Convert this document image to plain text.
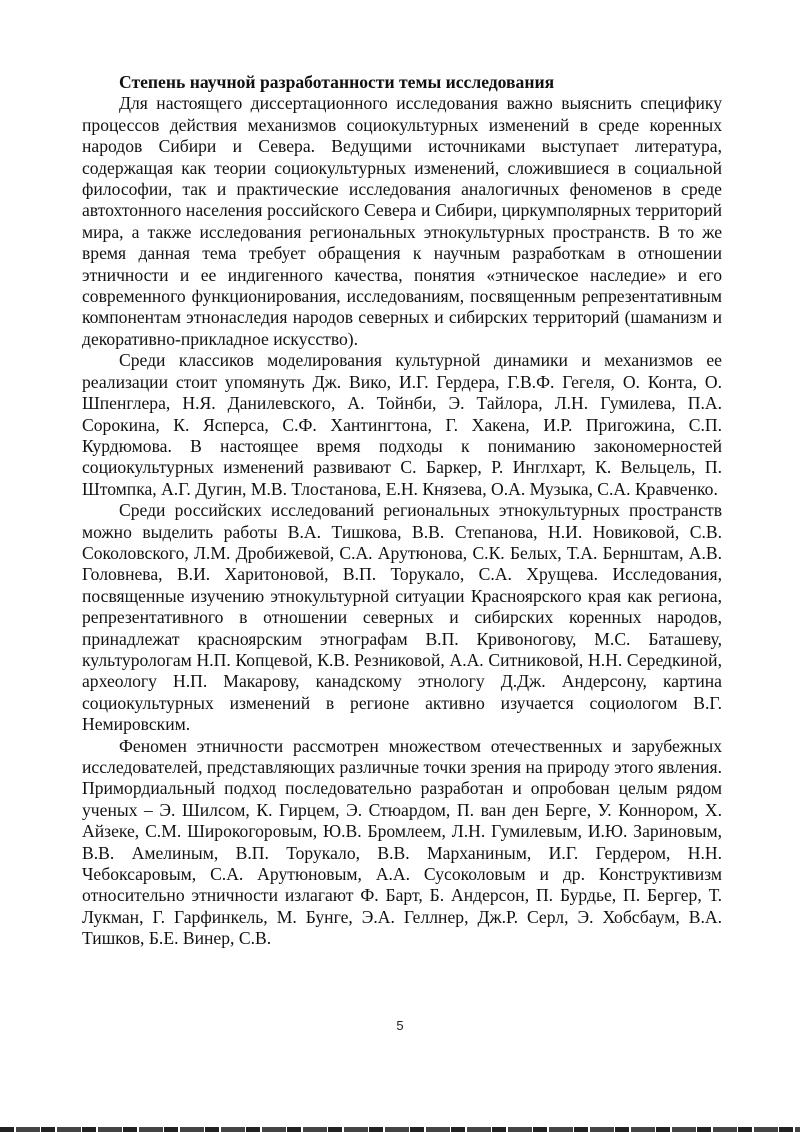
Степень научной разработанности темы исследования

Для настоящего диссертационного исследования важно выяснить специфику процессов действия механизмов социокультурных изменений в среде коренных народов Сибири и Севера. Ведущими источниками выступает литература, содержащая как теории социокультурных изменений, сложившиеся в социальной философии, так и практические исследования аналогичных феноменов в среде автохтонного населения российского Севера и Сибири, циркумполярных территорий мира, а также исследования региональных этнокультурных пространств. В то же время данная тема требует обращения к научным разработкам в отношении этничности и ее индигенного качества, понятия «этническое наследие» и его современного функционирования, исследованиям, посвященным репрезентативным компонентам этнонаследия народов северных и сибирских территорий (шаманизм и декоративно-прикладное искусство).

Среди классиков моделирования культурной динамики и механизмов ее реализации стоит упомянуть Дж. Вико, И.Г. Гердера, Г.В.Ф. Гегеля, О. Конта, О. Шпенглера, Н.Я. Данилевского, А. Тойнби, Э. Тайлора, Л.Н. Гумилева, П.А. Сорокина, К. Ясперса, С.Ф. Хантингтона, Г. Хакена, И.Р. Пригожина, С.П. Курдюмова. В настоящее время подходы к пониманию закономерностей социокультурных изменений развивают С. Баркер, Р. Инглхарт, К. Вельцель, П. Штомпка, А.Г. Дугин, М.В. Тлостанова, Е.Н. Князева, О.А. Музыка, С.А. Кравченко.

Среди российских исследований региональных этнокультурных пространств можно выделить работы В.А. Тишкова, В.В. Степанова, Н.И. Новиковой, С.В. Соколовского, Л.М. Дробижевой, С.А. Арутюнова, С.К. Белых, Т.А. Бернштам, А.В. Головнева, В.И. Харитоновой, В.П. Торукало, С.А. Хрущева. Исследования, посвященные изучению этнокультурной ситуации Красноярского края как региона, репрезентативного в отношении северных и сибирских коренных народов, принадлежат красноярским этнографам В.П. Кривоногову, М.С. Баташеву, культурологам Н.П. Копцевой, К.В. Резниковой, А.А. Ситниковой, Н.Н. Середкиной, археологу Н.П. Макарову, канадскому этнологу Д.Дж. Андерсону, картина социокультурных изменений в регионе активно изучается социологом В.Г. Немировским.

Феномен этничности рассмотрен множеством отечественных и зарубежных исследователей, представляющих различные точки зрения на природу этого явления. Примордиальный подход последовательно разработан и опробован целым рядом ученых – Э. Шилсом, К. Гирцем, Э. Стюардом, П. ван ден Берге, У. Коннором, Х. Айзеке, С.М. Широкогоровым, Ю.В. Бромлеем, Л.Н. Гумилевым, И.Ю. Зариновым, В.В. Амелиным, В.П. Торукало, В.В. Марханиным, И.Г. Гердером, Н.Н. Чебоксаровым, С.А. Арутюновым, А.А. Сусоколовым и др. Конструктивизм относительно этничности излагают Ф. Барт, Б. Андерсон, П. Бурдье, П. Бергер, Т. Лукман, Г. Гарфинкель, М. Бунге, Э.А. Геллнер, Дж.Р. Серл, Э. Хобсбаум, В.А. Тишков, Б.Е. Винер, С.В.

5
